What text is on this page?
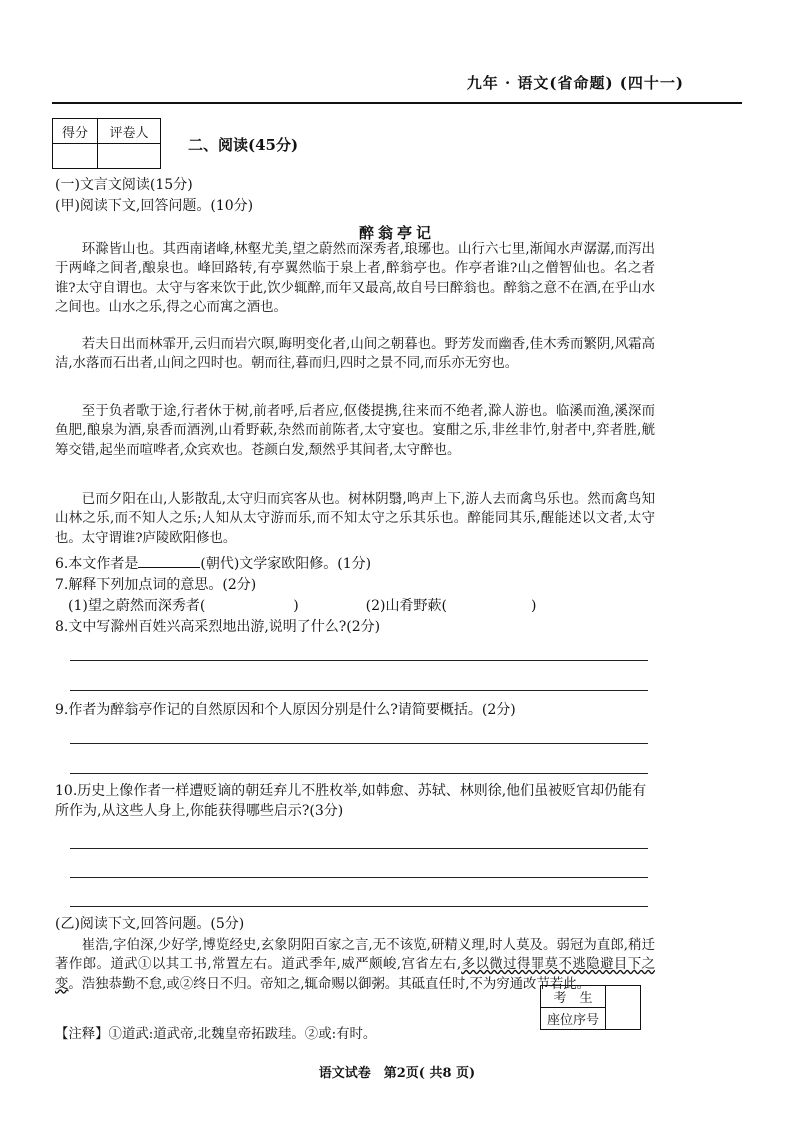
九年 · 语文(省命题) (四十一)
得分	评卷人

二、阅读(45分)
(一)文言文阅读(15分)
(甲)阅读下文,回答问题。(10分)
醉翁亭记
环滁皆山也。其西南诸峰,林壑尤美,望之蔚然而深秀者,琅琊也。山行六七里,渐闻水声潺潺,而泻出于两峰之间者,酿泉也。峰回路转,有亭翼然临于泉上者,醉翁亭也。作亭者谁?山之僧智仙也。名之者谁?太守自谓也。太守与客来饮于此,饮少辄醉,而年又最高,故自号曰醉翁也。醉翁之意不在酒,在乎山水之间也。山水之乐,得之心而寓之酒也。
若夫日出而林霏开,云归而岩穴暝,晦明变化者,山间之朝暮也。野芳发而幽香,佳木秀而繁阴,风霜高洁,水落而石出者,山间之四时也。朝而往,暮而归,四时之景不同,而乐亦无穷也。
至于负者歌于途,行者休于树,前者呼,后者应,伛偻提携,往来而不绝者,滁人游也。临溪而渔,溪深而鱼肥,酿泉为酒,泉香而酒洌,山肴野蔌,杂然而前陈者,太守宴也。宴酣之乐,非丝非竹,射者中,弈者胜,觥筹交错,起坐而喧哗者,众宾欢也。苍颜白发,颓然乎其间者,太守醉也。
已而夕阳在山,人影散乱,太守归而宾客从也。树林阴翳,鸣声上下,游人去而禽鸟乐也。然而禽鸟知山林之乐,而不知人之乐;人知从太守游而乐,而不知太守之乐其乐也。醉能同其乐,醒能述以文者,太守也。太守谓谁?庐陵欧阳修也。
6.本文作者是	(朝代)文学家欧阳修。(1分)
7.解释下列加点词的意思。(2分)
(1)望之蔚然而深秀者(	)	(2)山肴野蔌(	)
8.文中写滁州百姓兴高采烈地出游,说明了什么?(2分)
9.作者为醉翁亭作记的自然原因和个人原因分别是什么?请简要概括。(2分)
10.历史上像作者一样遭贬谪的朝廷弃儿不胜枚举,如韩愈、苏轼、林则徐,他们虽被贬官却仍能有所作为,从这些人身上,你能获得哪些启示?(3分)
(乙)阅读下文,回答问题。(5分)
崔浩,字伯深,少好学,博览经史,玄象阴阳百家之言,无不该览,研精义理,时人莫及。弱冠为直郎,稍迁著作郎。道武①以其工书,常置左右。道武季年,威严颇峻,宫省左右,多以微过得罪莫不逃隐避目下之变。浩独恭勤不怠,或②终日不归。帝知之,辄命赐以御粥。其砥直任时,不为穷通改节若此。
【注释】①道武:道武帝,北魏皇帝拓跋珪。②或:有时。
考　生	
座位序号
语文试卷　第2页( 共8 页)
